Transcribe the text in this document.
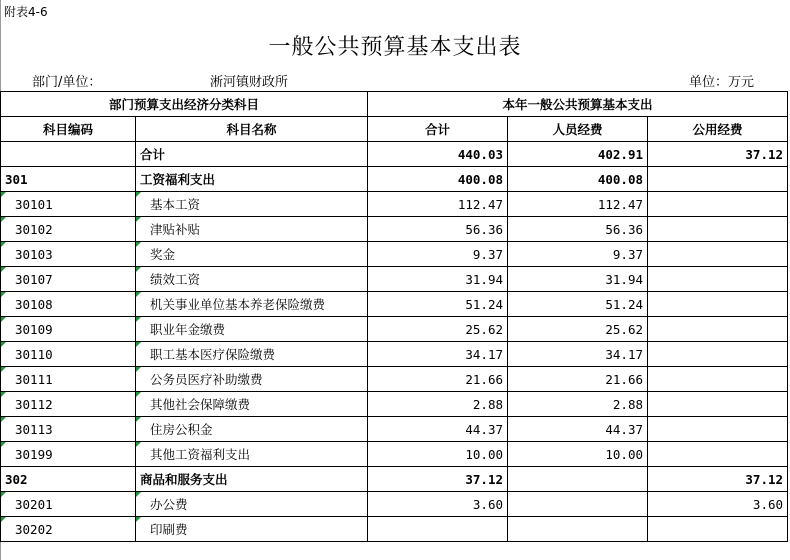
附表4-6
一般公共预算基本支出表
部门/单位：	淅河镇财政所	单位：万元
部门预算支出经济分类科目		本年一般公共预算基本支出		
科目编码	科目名称	合计	人员经费	公用经费
	合计	440.03	402.91	37.12
301	工资福利支出	400.08	400.08	
30101	基本工资	112.47	112.47	
30102	津贴补贴	56.36	56.36	
30103	奖金	9.37	9.37	
30107	绩效工资	31.94	31.94	
30108	机关事业单位基本养老保险缴费	51.24	51.24	
30109	职业年金缴费	25.62	25.62	
30110	职工基本医疗保险缴费	34.17	34.17	
30111	公务员医疗补助缴费	21.66	21.66	
30112	其他社会保障缴费	2.88	2.88	
30113	住房公积金	44.37	44.37	
30199	其他工资福利支出	10.00	10.00	
302	商品和服务支出	37.12		37.12
30201	办公费	3.60		3.60
30202	印刷费			
